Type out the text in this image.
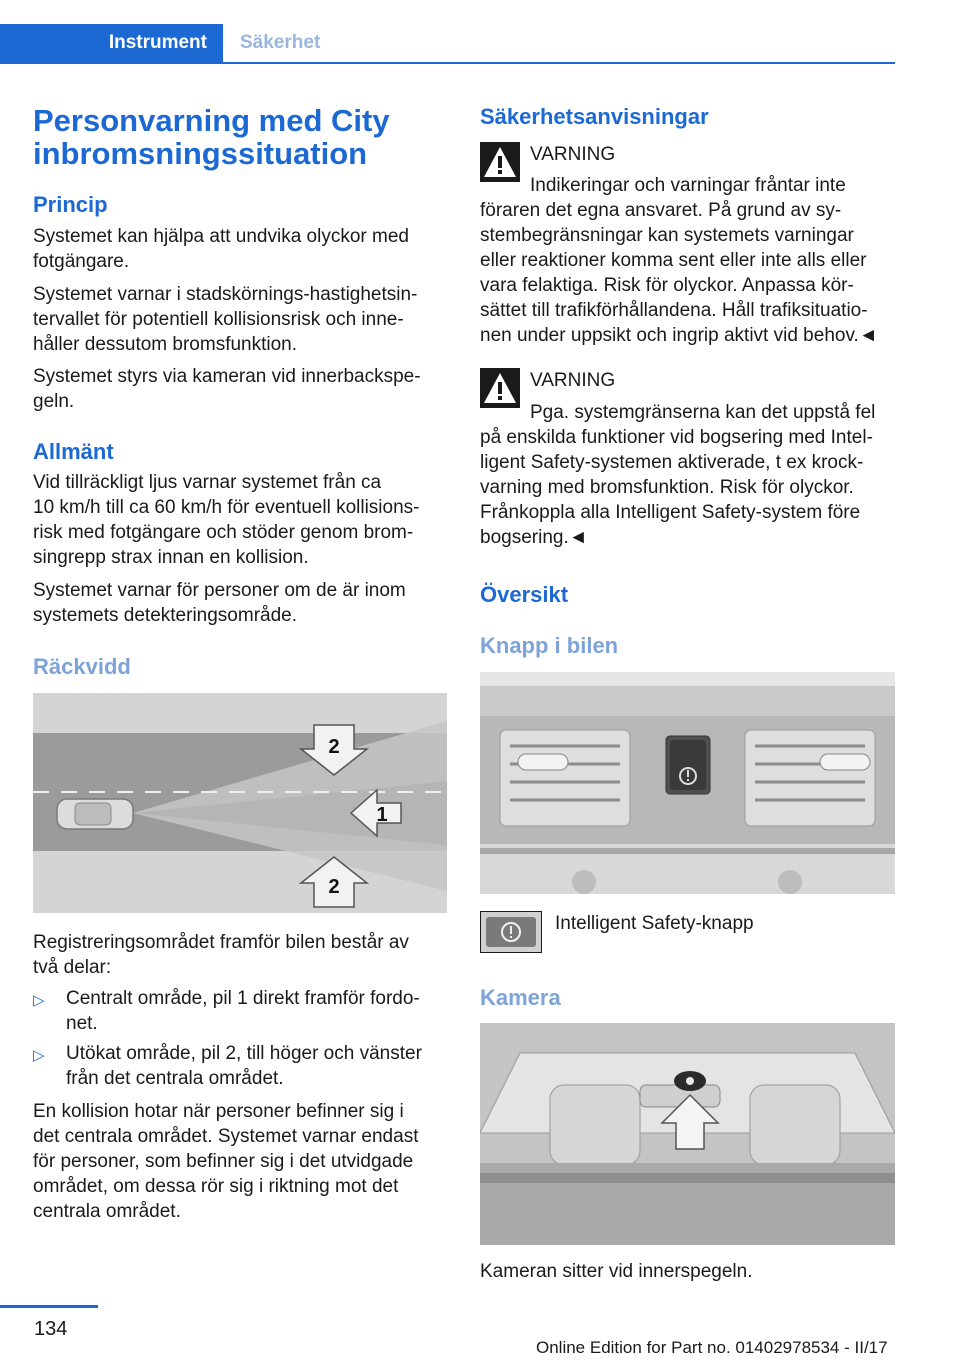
Instrument Säkerhet
Personvarning med City
inbromsningssituation
Princip

Systemet kan hjälpa att undvika olyckor med
fotgängare.

Systemet varnar i stadskörnings-hastighetsin‐
tervallet för potentiell kollisionsrisk och inne‐
håller dessutom bromsfunktion.

Systemet styrs via kameran vid innerbackspe‐
geln.

Allmänt

Vid tillräckligt ljus varnar systemet från ca
10 km/h till ca 60 km/h för eventuell kollisions‐
risk med fotgängare och stöder genom brom‐
singrepp strax innan en kollision.

Systemet varnar för personer om de är inom
systemets detekteringsområde.

Räckvidd
2
1
2

Registreringsområdet framför bilen består av
två delar:

▷ Centralt område, pil 1 direkt framför fordo‐
net.

▷ Utökat område, pil 2, till höger och vänster
från det centrala området.

En kollision hotar när personer befinner sig i
det centrala området. Systemet varnar endast
för personer, som befinner sig i det utvidgade
området, om dessa rör sig i riktning mot det
centrala området.

Säkerhetsanvisningar

VARNING

Indikeringar och varningar fråntar inte

föraren det egna ansvaret. På grund av sy‐
stembegränsningar kan systemets varningar
eller reaktioner komma sent eller inte alls eller
vara felaktiga. Risk för olyckor. Anpassa kör‐
sättet till trafikförhållandena. Håll trafiksituatio‐
nen under uppsikt och ingrip aktivt vid behov.◄

VARNING

Pga. systemgränserna kan det uppstå fel

på enskilda funktioner vid bogsering med Intel‐
ligent Safety-systemen aktiverade, t ex krock‐
varning med bromsfunktion. Risk för olyckor.
Frånkoppla alla Intelligent Safety-system före
bogsering.◄

Översikt
Knapp i bilen

Intelligent Safety-knapp

Kamera

Kameran sitter vid innerspegeln.

134
Online Edition for Part no. 01402978534 - II/17
